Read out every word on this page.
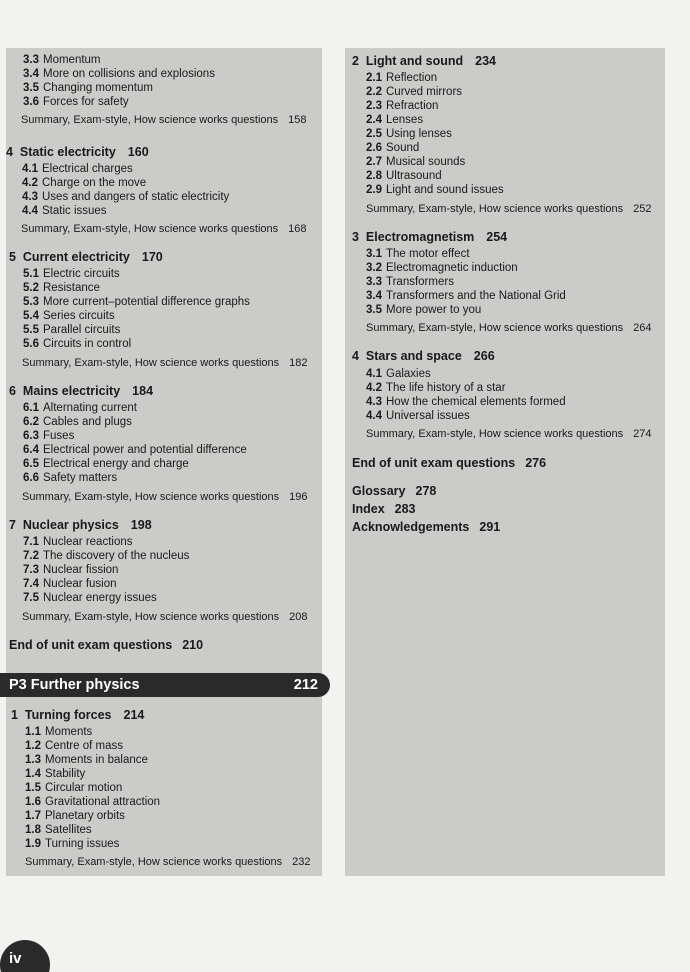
3.3 Momentum
3.4 More on collisions and explosions
3.5 Changing momentum
3.6 Forces for safety
Summary, Exam-style, How science works questions 158
4 Static electricity 160
4.1 Electrical charges
4.2 Charge on the move
4.3 Uses and dangers of static electricity
4.4 Static issues
Summary, Exam-style, How science works questions 168
5 Current electricity 170
5.1 Electric circuits
5.2 Resistance
5.3 More current–potential difference graphs
5.4 Series circuits
5.5 Parallel circuits
5.6 Circuits in control
Summary, Exam-style, How science works questions 182
6 Mains electricity 184
6.1 Alternating current
6.2 Cables and plugs
6.3 Fuses
6.4 Electrical power and potential difference
6.5 Electrical energy and charge
6.6 Safety matters
Summary, Exam-style, How science works questions 196
7 Nuclear physics 198
7.1 Nuclear reactions
7.2 The discovery of the nucleus
7.3 Nuclear fission
7.4 Nuclear fusion
7.5 Nuclear energy issues
Summary, Exam-style, How science works questions 208
End of unit exam questions 210
P3 Further physics	212
1 Turning forces 214
1.1 Moments
1.2 Centre of mass
1.3 Moments in balance
1.4 Stability
1.5 Circular motion
1.6 Gravitational attraction
1.7 Planetary orbits
1.8 Satellites
1.9 Turning issues
Summary, Exam-style, How science works questions 232
2 Light and sound 234
2.1 Reflection
2.2 Curved mirrors
2.3 Refraction
2.4 Lenses
2.5 Using lenses
2.6 Sound
2.7 Musical sounds
2.8 Ultrasound
2.9 Light and sound issues
Summary, Exam-style, How science works questions 252
3 Electromagnetism 254
3.1 The motor effect
3.2 Electromagnetic induction
3.3 Transformers
3.4 Transformers and the National Grid
3.5 More power to you
Summary, Exam-style, How science works questions 264
4 Stars and space 266
4.1 Galaxies
4.2 The life history of a star
4.3 How the chemical elements formed
4.4 Universal issues
Summary, Exam-style, How science works questions 274
End of unit exam questions 276
Glossary 278
Index 283
Acknowledgements 291
iv
